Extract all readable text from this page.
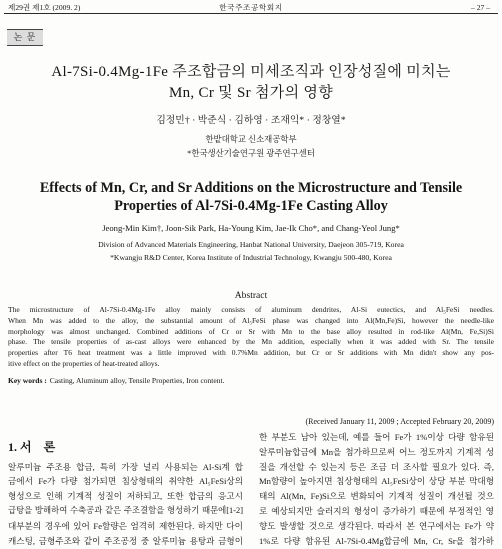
제29권 제1호 (2009. 2)	한국주조공학회지	– 27 –
논 문
Al-7Si-0.4Mg-1Fe 주조합금의 미세조직과 인장성질에 미치는
Mn, Cr 및 Sr 첨가의 영향
김정민† · 박준식 · 김하영 · 조재익* · 정창열*
한밭대학교 신소재공학부
*한국생산기술연구원 광주연구센터
Effects of Mn, Cr, and Sr Additions on the Microstructure and Tensile
Properties of Al-7Si-0.4Mg-1Fe Casting Alloy
Jeong-Min Kim†, Joon-Sik Park, Ha-Young Kim, Jae-Ik Cho*, and Chang-Yeol Jung*
Division of Advanced Materials Engineering, Hanbat National University, Daejeon 305-719, Korea
*Kwangju R&D Center, Korea Institute of Industrial Technology, Kwangju 500-480, Korea
Abstract
The microstructure of Al-7Si-0.4Mg-1Fe alloy mainly consists of aluminum dendrites, Al-Si eutectics, and Al₅FeSi needles.
When Mn was added to the alloy, the substantial amount of Al₅FeSi phase was changed into Al(Mn,Fe)Si, however the needle-like
morphology was almost unchanged. Combined additions of Cr or Sr with Mn to the base alloy resulted in rod-like Al(Mn, Fe,Si)Si
phase. The tensile properties of as-cast alloys were enhanced by the Mn addition, especially when it was added with Sr. The tensile
properties after T6 heat treatment was a little improved with 0.7%Mn addition, but Cr or Sr additions with Mn didn't show any pos-
itive effect on the properties of heat-treated alloys.
Key words : Casting, Aluminum alloy, Tensile Properties, Iron content.
(Received January 11, 2009 ; Accepted February 20, 2009)
1. 서    론
알루미늄 주조용 합금, 특히 가장 널리 사용되는 Al-Si계 합
금에서 Fe가 다량 첨가되면 침상형태의 취약한 Al₅FeSi상의
형성으로 인해 기계적 성질이 저하되고, 또한 합금의 응고시
급탕을 방해하여 수축공과 같은 주조결함을 형성하기 때문에[1-2]
대부분의 경우에 있어 Fe함량은 엄격히 제한된다. 하지만 다이
캐스팅, 금형주조와 같이 주조공정 중 알루미늄 용탕과 금형이
한 부분도 남아 있는데, 예를 들어 Fe가 1%이상 다량 함유된
알루미늄합금에 Mn을 첨가하므로써 어느 정도까지 기계적 성
질을 개선할 수 있는지 등은 조금 더 조사할 필요가 있다. 즉,
Mn함량이 높아지면 침상형태의 Al₅FeSi상이 상당 부분 막대형
태의 Al(Mn, Fe)Si으로 변화되어 기계적 성질이 개선될 것으
로 예상되지만 슬러지의 형성이 증가하기 때문에 부정적인 영
향도 발생할 것으로 생각된다. 따라서 본 연구에서는 Fe가 약
1%로 다량 함유된 Al-7Si-0.4Mg합금에 Mn, Cr, Sr을 첨가하
